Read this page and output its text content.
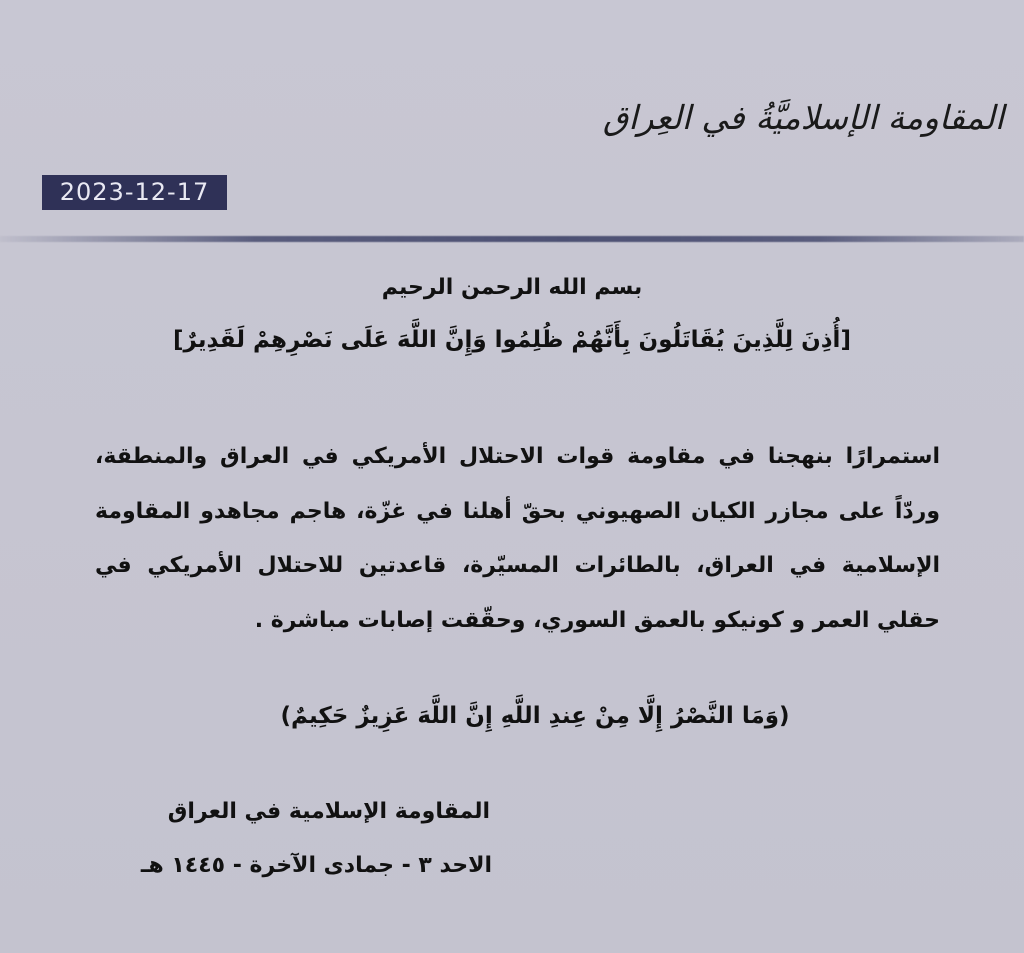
المقاومة الإسلاميَّةُ في العِراق
2023-12-17
بسم الله الرحمن الرحيم
[أُذِنَ لِلَّذِينَ يُقَاتَلُونَ بِأَنَّهُمْ ظُلِمُوا وَإِنَّ اللَّهَ عَلَى نَصْرِهِمْ لَقَدِيرٌ]
استمرارًا بنهجنا في مقاومة قوات الاحتلال الأمريكي في العراق والمنطقة، وردّاً على مجازر الكيان الصهيوني بحقّ أهلنا في غزّة، هاجم مجاهدو المقاومة الإسلامية في العراق، بالطائرات المسيّرة، قاعدتين للاحتلال الأمريكي في حقلي العمر و كونيكو بالعمق السوري، وحقّقت إصابات مباشرة .
(وَمَا النَّصْرُ إِلَّا مِنْ عِندِ اللَّهِ إِنَّ اللَّهَ عَزِيزٌ حَكِيمٌ)
المقاومة الإسلامية في العراق
الاحد ٣ - جمادى الآخرة - ١٤٤٥ هـ
